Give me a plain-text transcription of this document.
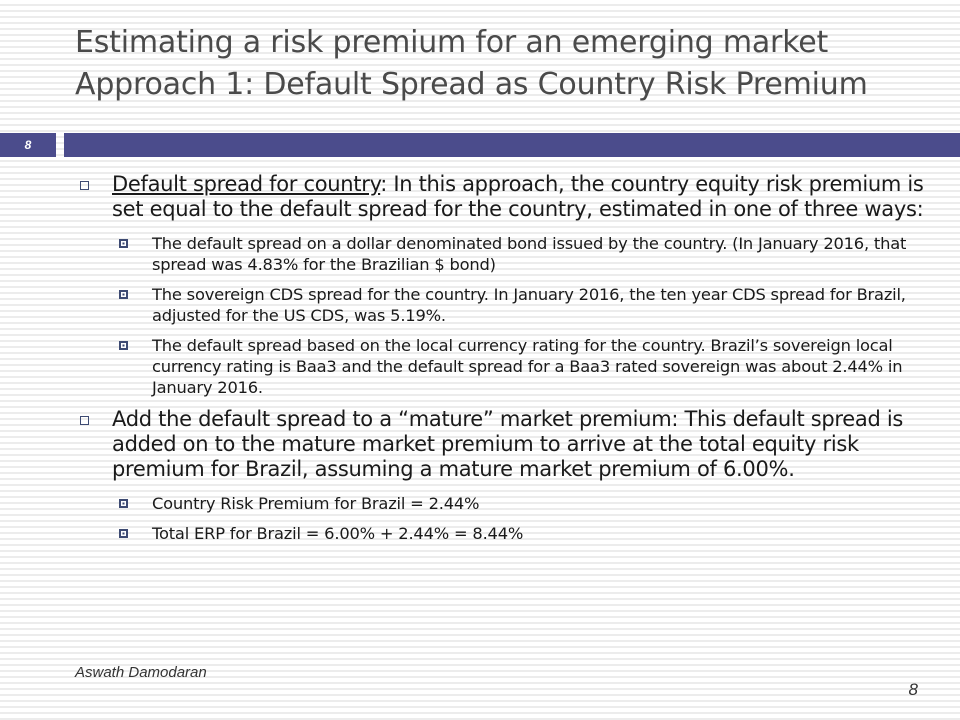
Estimating a risk premium for an emerging market
Approach 1: Default Spread as Country Risk Premium
8
Default spread for country: In this approach, the country equity risk premium is set equal to the default spread for the country, estimated in one of three ways:
The default spread on a dollar denominated bond issued by the country. (In January 2016, that spread was 4.83% for the Brazilian $ bond)
The sovereign CDS spread for the country. In January 2016, the ten year CDS spread for Brazil, adjusted for the US CDS, was 5.19%.
The default spread based on the local currency rating for the country. Brazil’s sovereign local currency rating is Baa3 and the default spread for a Baa3 rated sovereign was about 2.44% in January 2016.
Add the default spread to a “mature” market premium: This default spread is added on to the mature market premium to arrive at the total equity risk premium for Brazil, assuming a mature market premium of 6.00%.
Country Risk Premium for Brazil = 2.44%
Total ERP for Brazil = 6.00% + 2.44% = 8.44%
Aswath Damodaran
8
